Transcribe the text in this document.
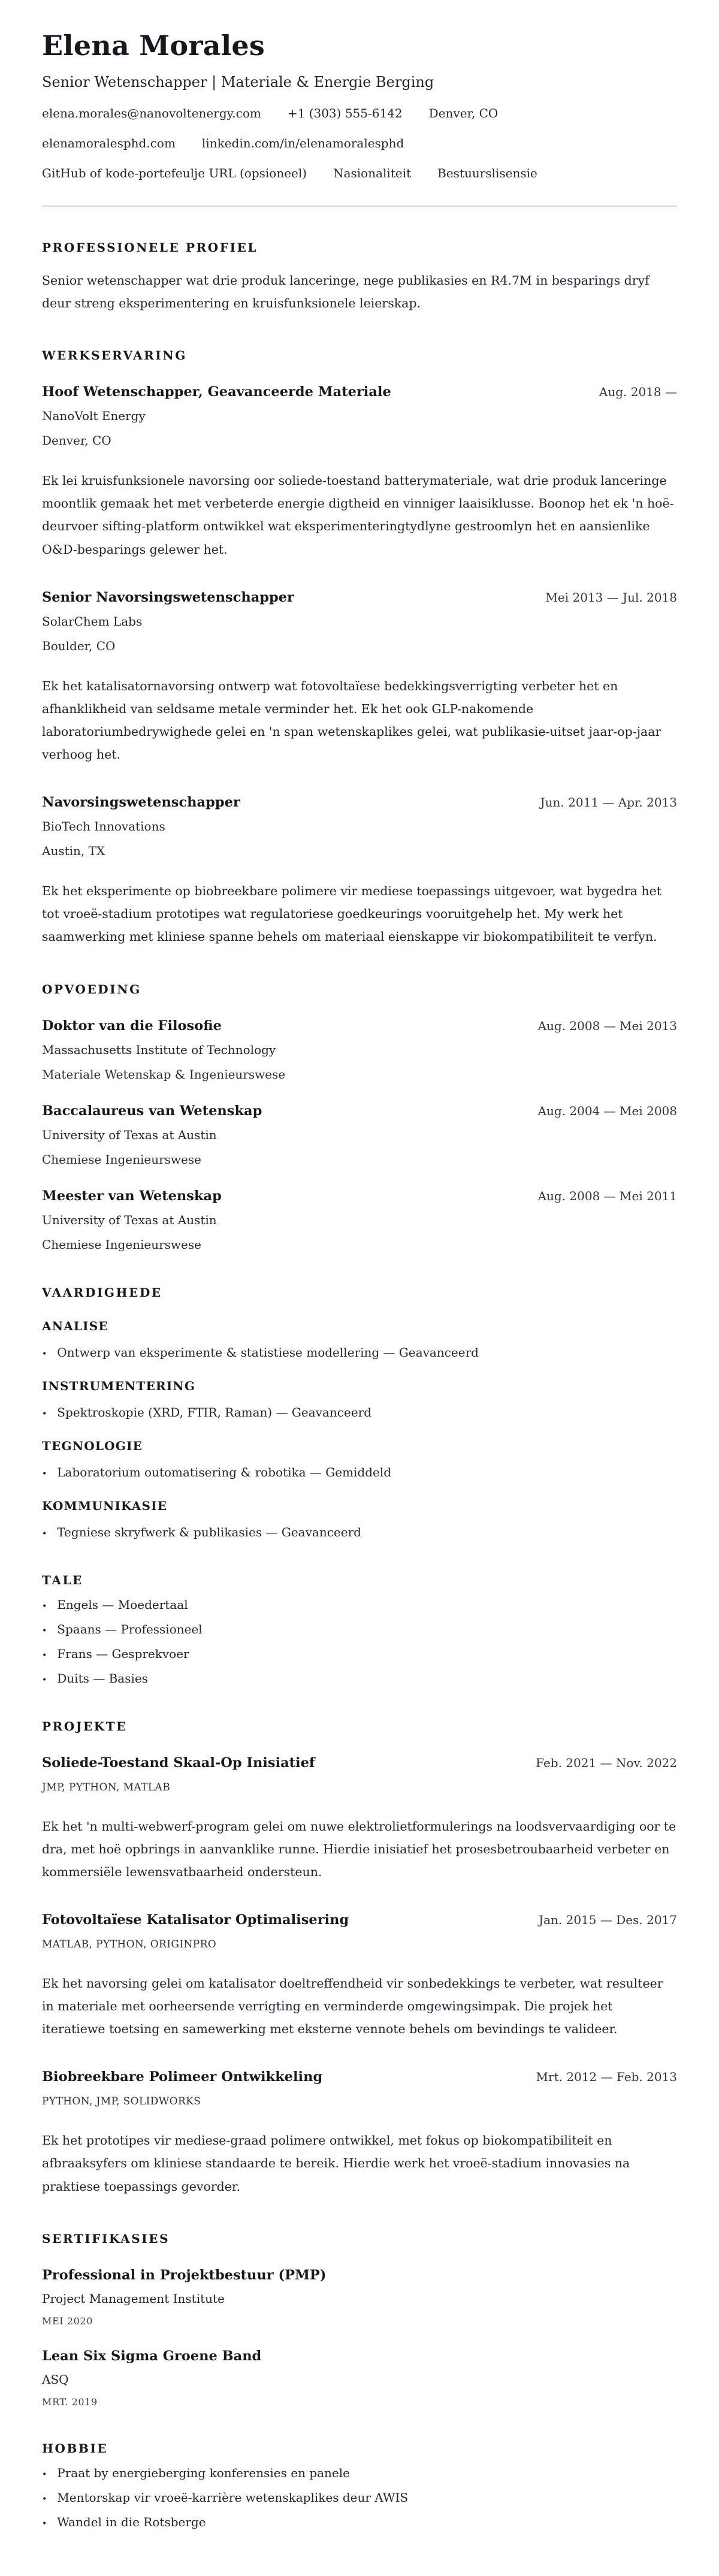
Elena Morales
Senior Wetenschapper | Materiale & Energie Berging
elena.morales@nanovoltenergy.com +1 (303) 555-6142 Denver, CO
elenamoralesphd.com linkedin.com/in/elenamoralesphd
GitHub of kode-portefeulje URL (opsioneel) Nasionaliteit Bestuurslisensie
PROFESSIONELE PROFIEL

Senior wetenschapper wat drie produk lanceringe, nege publikasies en R4.7M in besparings dryf deur streng eksperimentering en kruisfunksionele leierskap.

WERKSERVARING
Hoof Wetenschapper, Geavanceerde Materiale	Aug. 2018 —
NanoVolt Energy
Denver, CO

Ek lei kruisfunksionele navorsing oor soliede-toestand batterymateriale, wat drie produk lanceringe moontlik gemaak het met verbeterde energie digtheid en vinniger laaisiklusse. Boonop het ek 'n hoë-deurvoer sifting-platform ontwikkel wat eksperimenteringtydlyne gestroomlyn het en aansienlike O&D-besparings gelewer het.

Senior Navorsingswetenschapper	Mei 2013 — Jul. 2018
SolarChem Labs
Boulder, CO

Ek het katalisatornavorsing ontwerp wat fotovoltaïese bedekkingsverrigting verbeter het en afhanklikheid van seldsame metale verminder het. Ek het ook GLP-nakomende laboratoriumbedrywighede gelei en 'n span wetenskaplikes gelei, wat publikasie-uitset jaar-op-jaar verhoog het.

Navorsingswetenschapper	Jun. 2011 — Apr. 2013
BioTech Innovations
Austin, TX

Ek het eksperimente op biobreekbare polimere vir mediese toepassings uitgevoer, wat bygedra het tot vroeë-stadium prototipes wat regulatoriese goedkeurings vooruitgehelp het. My werk het saamwerking met kliniese spanne behels om materiaal eienskappe vir biokompatibiliteit te verfyn.

OPVOEDING
Doktor van die Filosofie	Aug. 2008 — Mei 2013
Massachusetts Institute of Technology
Materiale Wetenskap & Ingenieurswese
Baccalaureus van Wetenskap	Aug. 2004 — Mei 2008
University of Texas at Austin
Chemiese Ingenieurswese
Meester van Wetenskap	Aug. 2008 — Mei 2011
University of Texas at Austin
Chemiese Ingenieurswese
VAARDIGHEDE
ANALISE
• Ontwerp van eksperimente & statistiese modellering — Geavanceerd
INSTRUMENTERING
• Spektroskopie (XRD, FTIR, Raman) — Geavanceerd
TEGNOLOGIE
• Laboratorium outomatisering & robotika — Gemiddeld
KOMMUNIKASIE
• Tegniese skryfwerk & publikasies — Geavanceerd
TALE
• Engels — Moedertaal
• Spaans — Professioneel
• Frans — Gesprekvoer
• Duits — Basies
PROJEKTE
Soliede-Toestand Skaal-Op Inisiatief	Feb. 2021 — Nov. 2022
JMP, PYTHON, MATLAB

Ek het 'n multi-webwerf-program gelei om nuwe elektrolietformulerings na loodsvervaardiging oor te dra, met hoë opbrings in aanvanklike runne. Hierdie inisiatief het prosesbetroubaarheid verbeter en kommersiële lewensvatbaarheid ondersteun.

Fotovoltaïese Katalisator Optimalisering	Jan. 2015 — Des. 2017
MATLAB, PYTHON, ORIGINPRO

Ek het navorsing gelei om katalisator doeltreffendheid vir sonbedekkings te verbeter, wat resulteer in materiale met oorheersende verrigting en verminderde omgewingsimpak. Die projek het iteratiewe toetsing en samewerking met eksterne vennote behels om bevindings te valideer.

Biobreekbare Polimeer Ontwikkeling	Mrt. 2012 — Feb. 2013
PYTHON, JMP, SOLIDWORKS

Ek het prototipes vir mediese-graad polimere ontwikkel, met fokus op biokompatibiliteit en afbraaksyfers om kliniese standaarde te bereik. Hierdie werk het vroeë-stadium innovasies na praktiese toepassings gevorder.

SERTIFIKASIES
Professional in Projektbestuur (PMP)
Project Management Institute
MEI 2020
Lean Six Sigma Groene Band
ASQ
MRT. 2019
HOBBIE
• Praat by energieberging konferensies en panele
• Mentorskap vir vroeë-karrière wetenskaplikes deur AWIS
• Wandel in die Rotsberge
